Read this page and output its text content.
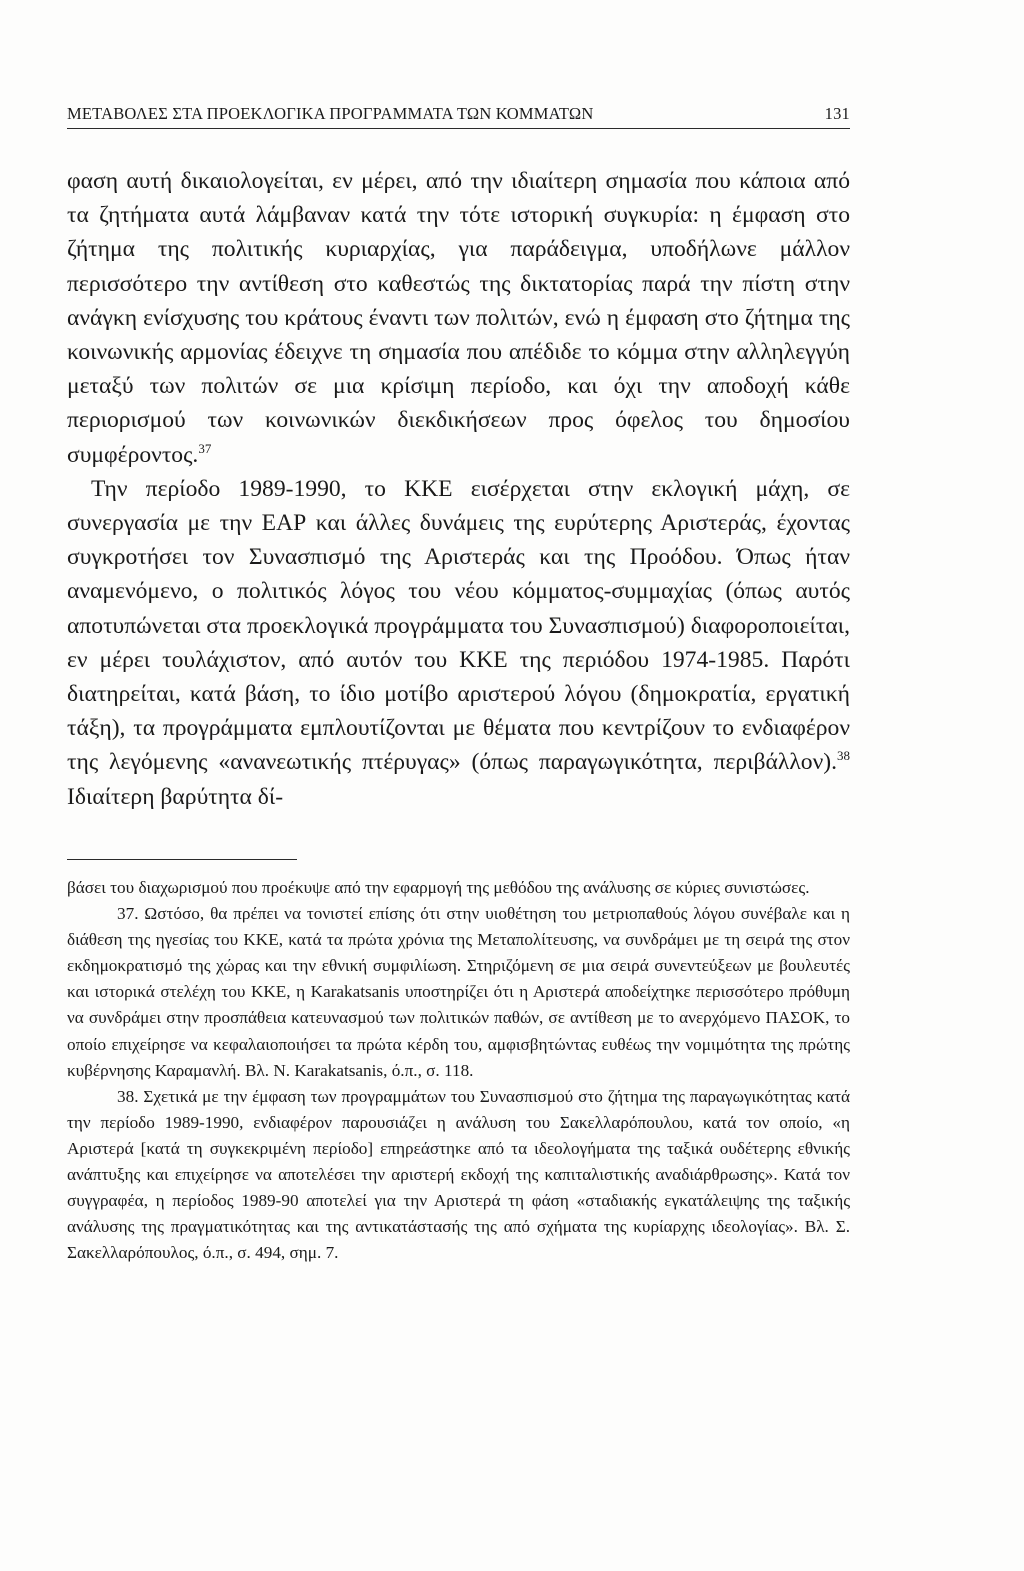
ΜΕΤΑΒΟΛΕΣ ΣΤΑ ΠΡΟΕΚΛΟΓΙΚΑ ΠΡΟΓΡΑΜΜΑΤΑ ΤΩΝ ΚΟΜΜΑΤΩΝ	131

φαση αυτή δικαιολογείται, εν μέρει, από την ιδιαίτερη σημασία που κάποια από τα ζητήματα αυτά λάμβαναν κατά την τότε ιστορική συγκυρία: η έμφαση στο ζήτημα της πολιτικής κυριαρχίας, για παράδειγμα, υποδήλωνε μάλλον περισσότερο την αντίθεση στο καθεστώς της δικτατορίας παρά την πίστη στην ανάγκη ενίσχυσης του κράτους έναντι των πολιτών, ενώ η έμφαση στο ζήτημα της κοινωνικής αρμονίας έδειχνε τη σημασία που απέδιδε το κόμμα στην αλληλεγγύη μεταξύ των πολιτών σε μια κρίσιμη περίοδο, και όχι την αποδοχή κάθε περιορισμού των κοινωνικών διεκδικήσεων προς όφελος του δημοσίου συμφέροντος.$^{37}$

Την περίοδο 1989-1990, το ΚΚΕ εισέρχεται στην εκλογική μάχη, σε συνεργασία με την ΕΑΡ και άλλες δυνάμεις της ευρύτερης Αριστεράς, έχοντας συγκροτήσει τον Συνασπισμό της Αριστεράς και της Προόδου. Όπως ήταν αναμενόμενο, ο πολιτικός λόγος του νέου κόμματος-συμμαχίας (όπως αυτός αποτυπώνεται στα προεκλογικά προγράμματα του Συνασπισμού) διαφοροποιείται, εν μέρει τουλάχιστον, από αυτόν του ΚΚΕ της περιόδου 1974-1985. Παρότι διατηρείται, κατά βάση, το ίδιο μοτίβο αριστερού λόγου (δημοκρατία, εργατική τάξη), τα προγράμματα εμπλουτίζονται με θέματα που κεντρίζουν το ενδιαφέρον της λεγόμενης «ανανεωτικής πτέρυγας» (όπως παραγωγικότητα, περιβάλλον).$^{38}$ Ιδιαίτερη βαρύτητα δί-

βάσει του διαχωρισμού που προέκυψε από την εφαρμογή της μεθόδου της ανάλυσης σε κύριες συνιστώσες.

37. Ωστόσο, θα πρέπει να τονιστεί επίσης ότι στην υιοθέτηση του μετριοπαθούς λόγου συνέβαλε και η διάθεση της ηγεσίας του ΚΚΕ, κατά τα πρώτα χρόνια της Μεταπολίτευσης, να συνδράμει με τη σειρά της στον εκδημοκρατισμό της χώρας και την εθνική συμφιλίωση. Στηριζόμενη σε μια σειρά συνεντεύξεων με βουλευτές και ιστορικά στελέχη του ΚΚΕ, η Karakatsanis υποστηρίζει ότι η Αριστερά αποδείχτηκε περισσότερο πρόθυμη να συνδράμει στην προσπάθεια κατευνασμού των πολιτικών παθών, σε αντίθεση με το ανερχόμενο ΠΑΣΟΚ, το οποίο επιχείρησε να κεφαλαιοποιήσει τα πρώτα κέρδη του, αμφισβητώντας ευθέως την νομιμότητα της πρώτης κυβέρνησης Καραμανλή. Βλ. N. Karakatsanis, ό.π., σ. 118.

38. Σχετικά με την έμφαση των προγραμμάτων του Συνασπισμού στο ζήτημα της παραγωγικότητας κατά την περίοδο 1989-1990, ενδιαφέρον παρουσιάζει η ανάλυση του Σακελλαρόπουλου, κατά τον οποίο, «η Αριστερά [κατά τη συγκεκριμένη περίοδο] επηρεάστηκε από τα ιδεολογήματα της ταξικά ουδέτερης εθνικής ανάπτυξης και επιχείρησε να αποτελέσει την αριστερή εκδοχή της καπιταλιστικής αναδιάρθρωσης». Κατά τον συγγραφέα, η περίοδος 1989-90 αποτελεί για την Αριστερά τη φάση «σταδιακής εγκατάλειψης της ταξικής ανάλυσης της πραγματικότητας και της αντικατάστασής της από σχήματα της κυρίαρχης ιδεολογίας». Βλ. Σ. Σακελλαρόπουλος, ό.π., σ. 494, σημ. 7.
